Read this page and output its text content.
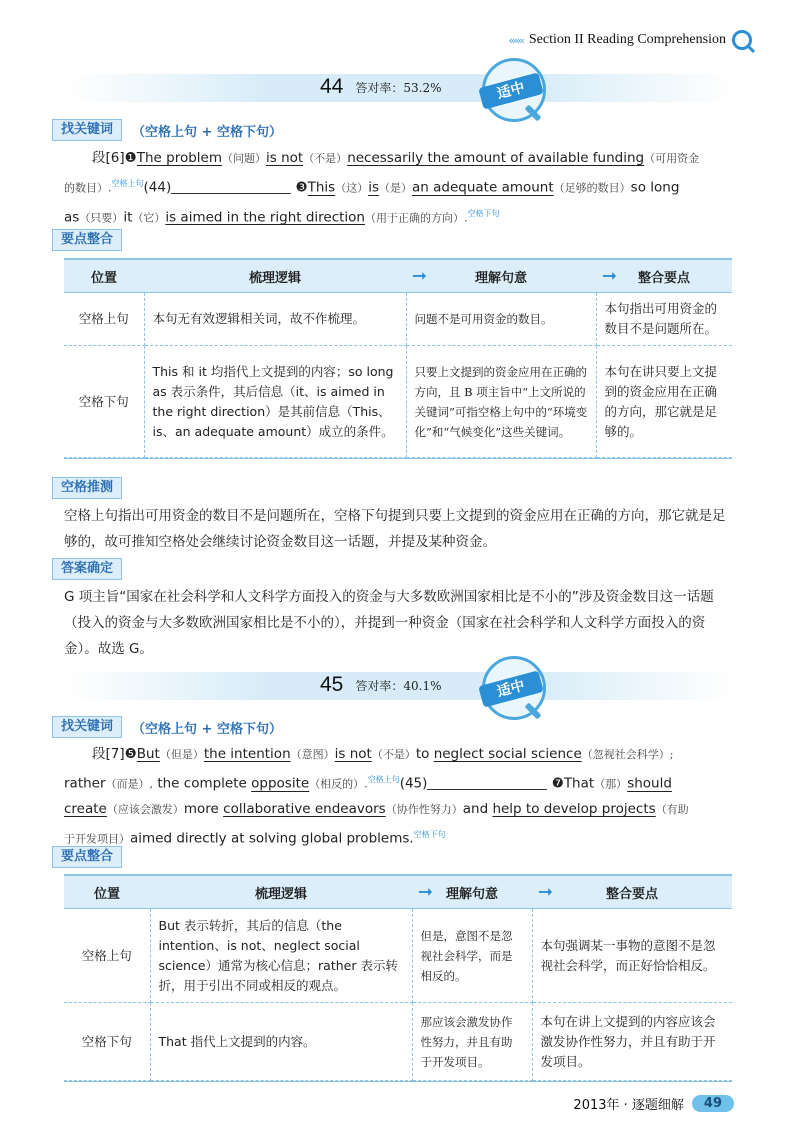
‹‹‹‹‹‹ Section II Reading Comprehension
44 答对率：53.2%	适中
找关键词	（空格上句 + 空格下句）
段[6]❶The problem（问题）is not（不是）necessarily the amount of available funding（可用资金
的数目）.$^{空格上句}$(44)	❸This（这）is（是）an adequate amount（足够的数目）so long
as（只要）it（它）is aimed in the right direction（用于正确的方向）.$^{空格下句}$
要点整合
位置	梳理逻辑 ➞	理解句意 ➞	整合要点
空格上句	本句无有效逻辑相关词，故不作梳理。	问题不是可用资金的数目。	本句指出可用资金的数目不是问题所在。
空格下句	This 和 it 均指代上文提到的内容；so long as 表示条件，其后信息（it、is aimed in the right direction）是其前信息（This、is、an adequate amount）成立的条件。	只要上文提到的资金应用在正确的方向，且 B 项主旨中“上文所说的关键词”可指空格上句中的“环境变化”和“气候变化”这些关键词。	本句在讲只要上文提到的资金应用在正确的方向，那它就是足够的。
空格推测
空格上句指出可用资金的数目不是问题所在，空格下句提到只要上文提到的资金应用在正确的方向，那它就是足够的，故可推知空格处会继续讨论资金数目这一话题，并提及某种资金。
答案确定
G 项主旨“国家在社会科学和人文科学方面投入的资金与大多数欧洲国家相比是不小的”涉及资金数目这一话题（投入的资金与大多数欧洲国家相比是不小的），并提到一种资金（国家在社会科学和人文科学方面投入的资金）。故选 G。
45 答对率：40.1%	适中
找关键词	（空格上句 + 空格下句）
段[7]❺But（但是）the intention（意图）is not（不是）to neglect social science（忽视社会科学）;
rather（而是）, the complete opposite（相反的）.$^{空格上句}$(45)	❼That（那）should
create（应该会激发）more collaborative endeavors（协作性努力）and help to develop projects（有助
于开发项目）aimed directly at solving global problems.$^{空格下句}$
要点整合
位置	梳理逻辑 ➞	理解句意 ➞	整合要点
空格上句	But 表示转折，其后的信息（the intention、is not、neglect social science）通常为核心信息；rather 表示转折，用于引出不同或相反的观点。	但是，意图不是忽视社会科学，而是相反的。	本句强调某一事物的意图不是忽视社会科学，而正好恰恰相反。
空格下句	That 指代上文提到的内容。	那应该会激发协作性努力，并且有助于开发项目。	本句在讲上文提到的内容应该会激发协作性努力，并且有助于开发项目。
2013年 · 逐题细解	49
